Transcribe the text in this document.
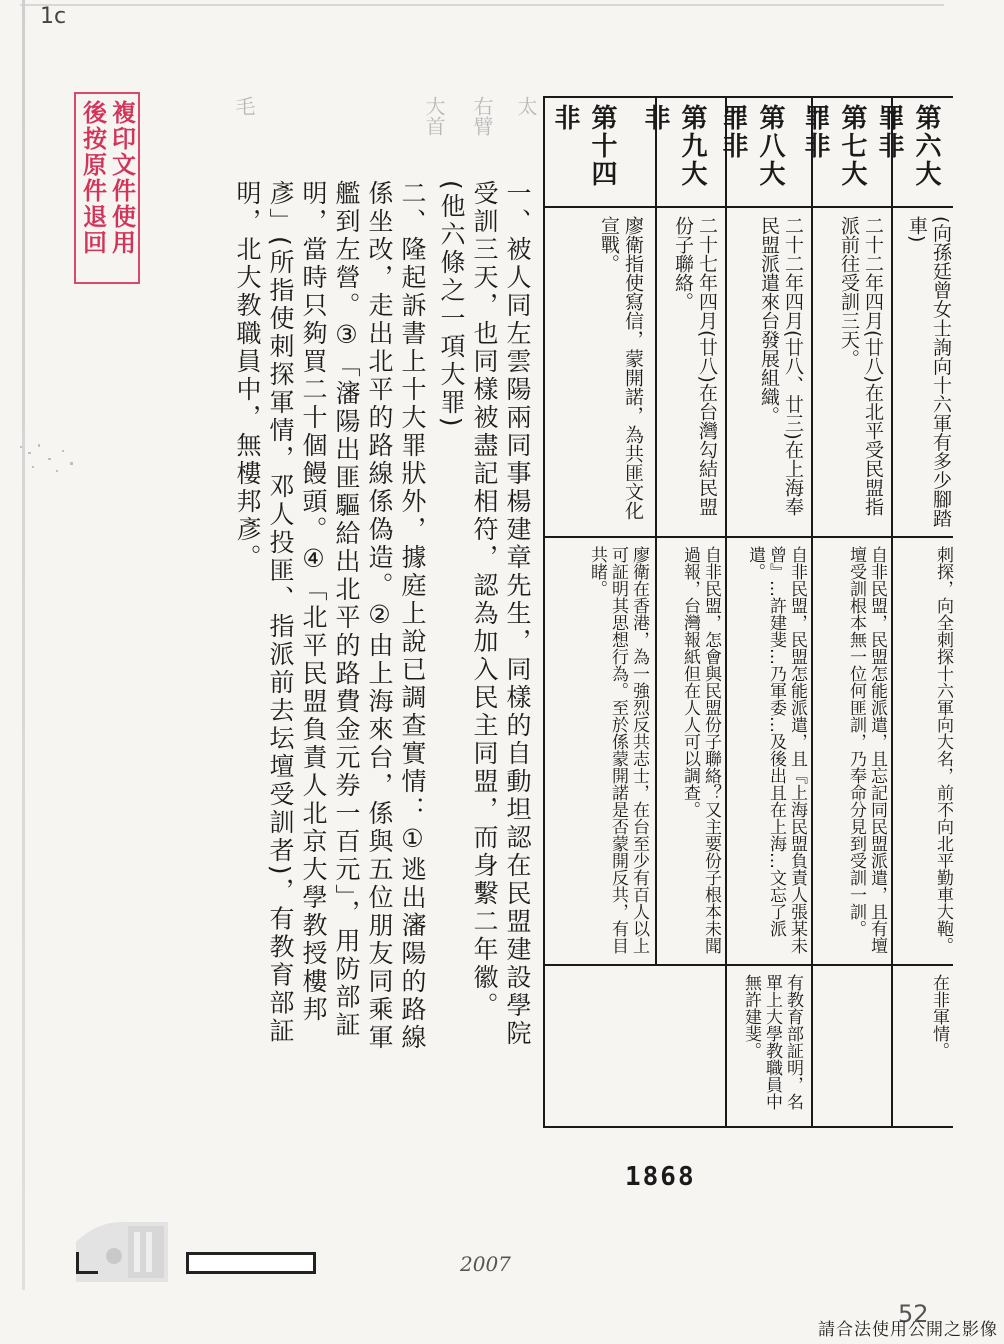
1c
複印文件使用
後按原件退回	太
右臂
大首
毛

一、被人同左雲陽兩同事楊建章先生，同樣的自動坦認在民盟建設學院受訓三天，也同樣被盡記相符，認為加入民主同盟，而身繫二年徽。(他六條之一項大罪)

二、隆起訴書上十大罪狀外，據庭上說已調查實情：①逃出瀋陽的路線係坐改，走出北平的路線係偽造。②由上海來台，係與五位朋友同乘軍艦到左營。③「瀋陽出匪驅給出北平的路費金元券一百元」，用防部証明，當時只夠買二十個饅頭。④「北平民盟負責人北京大學教授樓邦彥」(所指使刺探軍情，邓人投匪、指派前去坛壇受訓者)，有教育部証明，北大教職員中，無樓邦彥。

第十四非
廖衛指使寫信，蒙開諾，為共匪文化宣戰。
廖衛在香港，為一強烈反共志士，在台至少有百人以上可証明其思想行為。至於係蒙開諾是否蒙開反共，有目共睹。
第九大非
二十七年四月(廿八)在台灣勾結民盟份子聯絡。
自非民盟，怎會與民盟份子聯絡？又主要份子根本未聞過報，台灣報紙但在人人可以調查。
第八大罪非
二十二年四月(廿八、廿三)在上海奉民盟派遣來台發展組織。
自非民盟，民盟怎能派遣，且『上海民盟負責人張某未曾』…許建斐…乃軍委…及後出且在上海…文忘了派遣。
有教育部証明，名單上大學教職員中無許建斐。
第七大罪非
二十二年四月(廿八)在北平受民盟指派前往受訓三天。
自非民盟，民盟怎能派遣，且忘記同民盟派遣，且有壇壇受訓根本無一位何匪訓，乃奉命分見到受訓一訓。
第六大罪非
(向孫廷曾女士詢向十六軍有多少腳踏車)
刺探，向全刺探十六軍向大名，前不向北平勤車大鞄。
在非軍情。
1868
2007
52
請合法使用公開之影像
